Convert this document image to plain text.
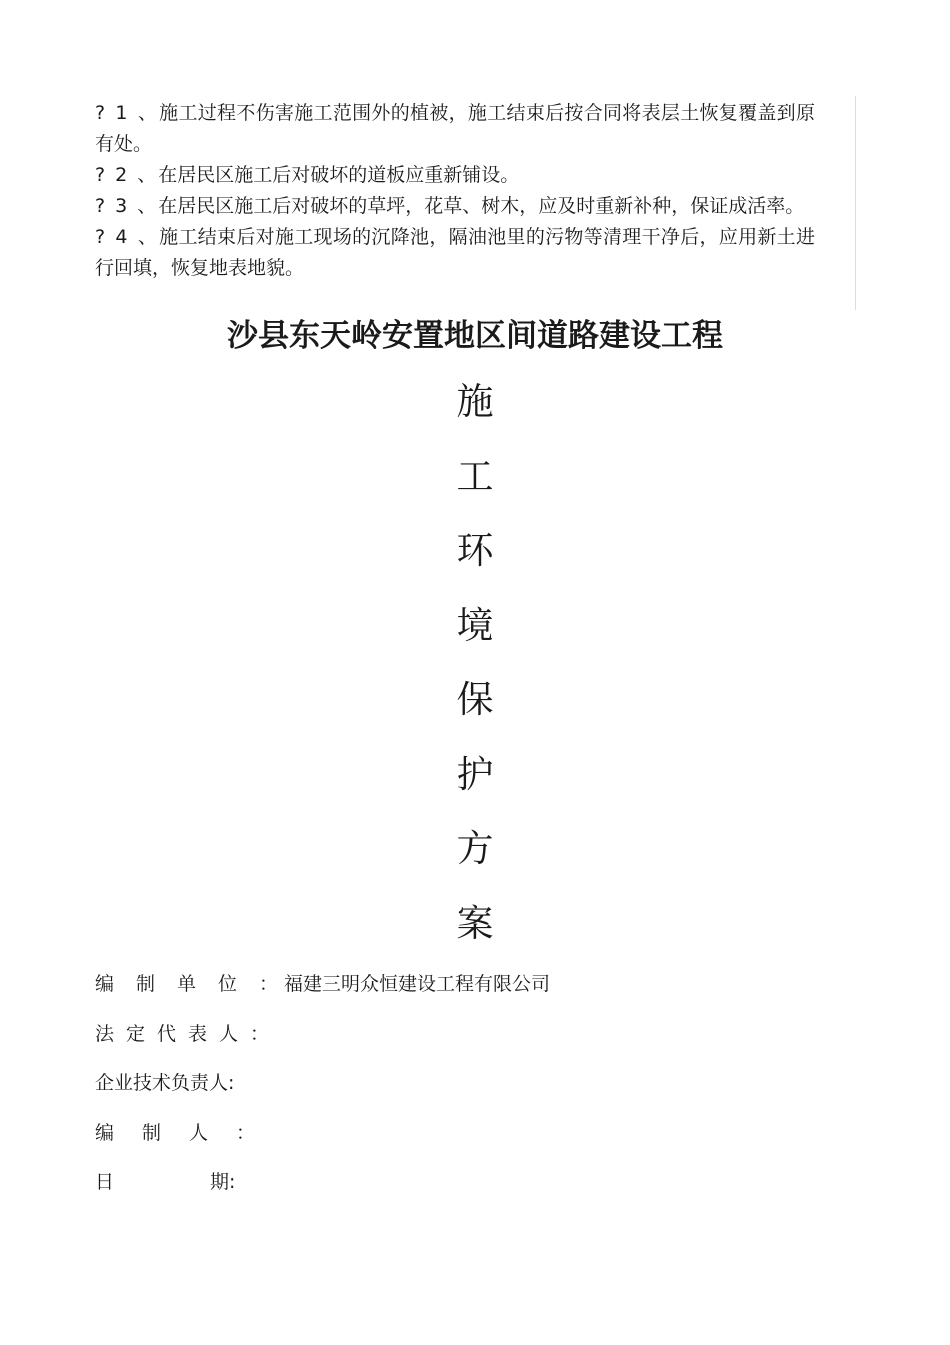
? 1 、施工过程不伤害施工范围外的植被，施工结束后按合同将表层土恢复覆盖到原有处。

? 2 、在居民区施工后对破坏的道板应重新铺设。

? 3 、在居民区施工后对破坏的草坪，花草、树木，应及时重新补种，保证成活率。

? 4 、施工结束后对施工现场的沉降池，隔油池里的污物等清理干净后，应用新土进行回填，恢复地表地貌。

沙县东天岭安置地区间道路建设工程
施
工
环
境
保
护
方
案
编制单位： 福建三明众恒建设工程有限公司
法定代表人：
企业技术负责人:
编制人：
日	期 :
